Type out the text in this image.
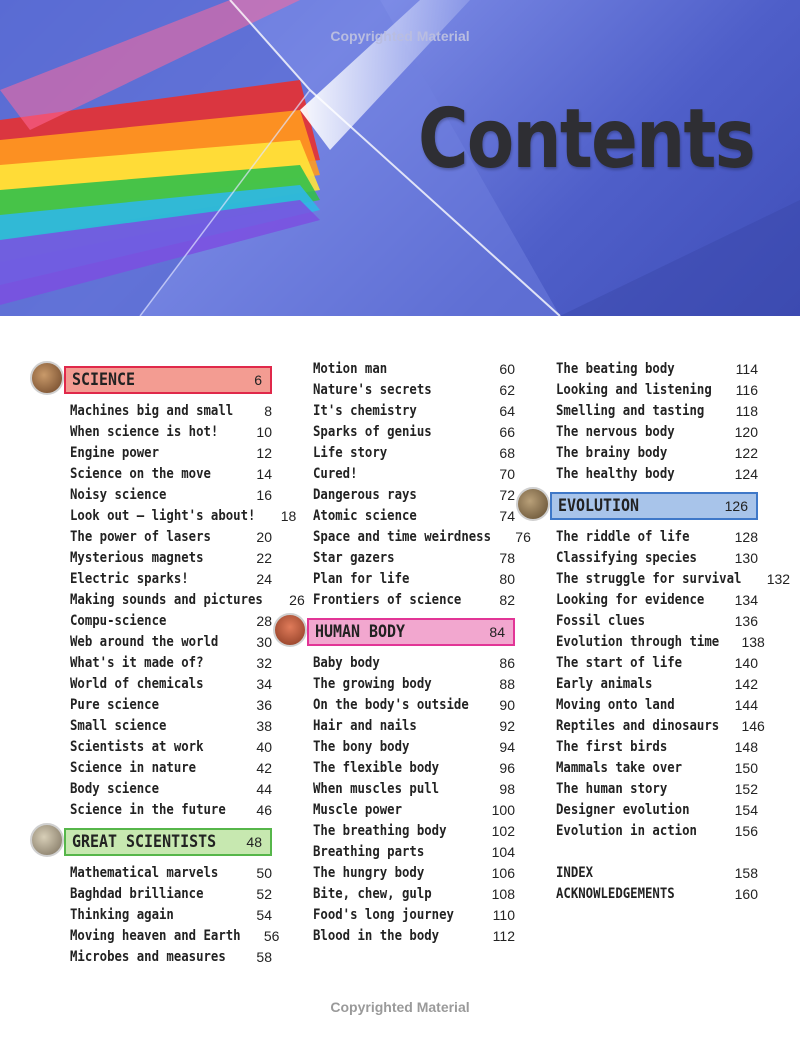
Copyrighted Material
Contents
SCIENCE	6
Machines big and small 8
When science is hot!	10
Engine power	12
Science on the move	14
Noisy science	16
Look out – light's about! 18
The power of lasers	20
Mysterious magnets	22
Electric sparks!	24
Making sounds and pictures 26
Compu-science	28
Web around the world	30
What's it made of?	32
World of chemicals	34
Pure science	36
Small science	38
Scientists at work	40
Science in nature	42
Body science	44
Science in the future 46
GREAT SCIENTISTS 48
Mathematical marvels	50
Baghdad brilliance	52
Thinking again	54
Moving heaven and Earth 56
Microbes and measures 58
Motion man	60
Nature's secrets	62
It's chemistry	64
Sparks of genius	66
Life story	68
Cured!	70
Dangerous rays	72
Atomic science	74
Space and time weirdness 76
Star gazers	78
Plan for life	80
Frontiers of science	82
HUMAN BODY	84
Baby body	86
The growing body	88
On the body's outside 90
Hair and nails	92
The bony body	94
The flexible body	96
When muscles pull	98
Muscle power	100
The breathing body	102
Breathing parts	104
The hungry body	106
Bite, chew, gulp	108
Food's long journey	110
Blood in the body	112
The beating body	114
Looking and listening 116
Smelling and tasting 118
The nervous body	120
The brainy body	122
The healthy body	124
EVOLUTION	126
The riddle of life	128
Classifying species	130
The struggle for survival 132
Looking for evidence 134
Fossil clues	136
Evolution through time 138
The start of life	140
Early animals	142
Moving onto land	144
Reptiles and dinosaurs 146
The first birds	148
Mammals take over	150
The human story	152
Designer evolution	154
Evolution in action	156
INDEX	158
ACKNOWLEDGEMENTS	160
Copyrighted Material
